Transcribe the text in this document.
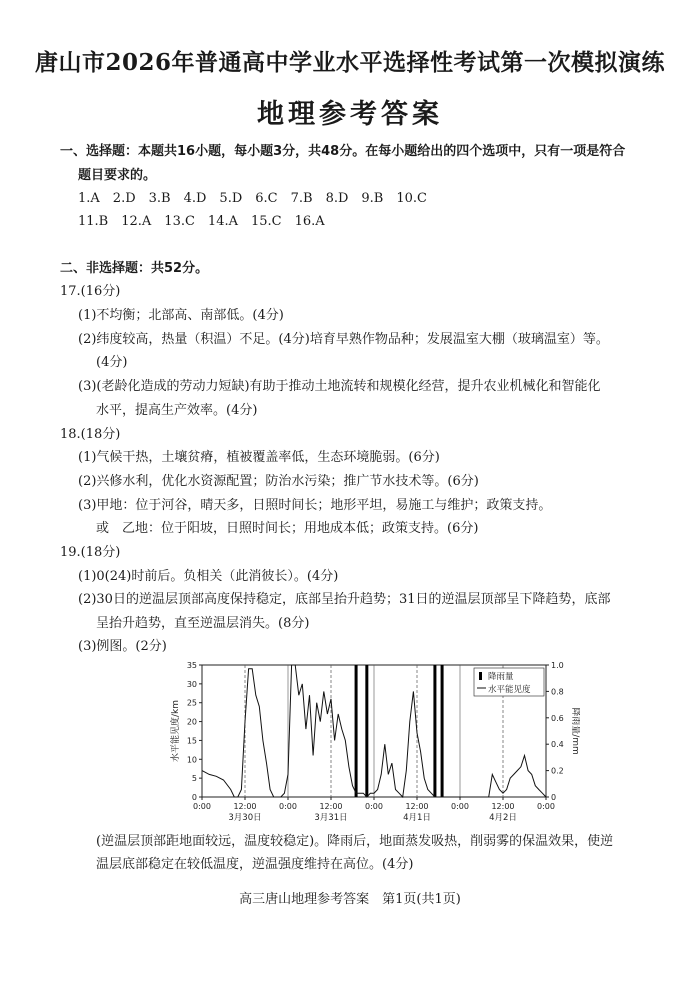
唐山市2026年普通高中学业水平选择性考试第一次模拟演练
地理参考答案
一、选择题：本题共16小题，每小题3分，共48分。在每小题给出的四个选项中，只有一项是符合
题目要求的。
1.A 2.D 3.B 4.D 5.D 6.C 7.B 8.D 9.B 10.C
11.B 12.A 13.C 14.A 15.C 16.A
二、非选择题：共52分。
17.(16分)
(1)不均衡；北部高、南部低。(4分)
(2)纬度较高，热量（积温）不足。(4分)培育早熟作物品种；发展温室大棚（玻璃温室）等。
(4分)
(3)(老龄化造成的劳动力短缺)有助于推动土地流转和规模化经营，提升农业机械化和智能化
水平，提高生产效率。(4分)
18.(18分)
(1)气候干热，土壤贫瘠，植被覆盖率低，生态环境脆弱。(6分)
(2)兴修水利，优化水资源配置；防治水污染；推广节水技术等。(6分)
(3)甲地：位于河谷，晴天多，日照时间长；地形平坦，易施工与维护；政策支持。
或　乙地：位于阳坡，日照时间长；用地成本低；政策支持。(6分)
19.(18分)
(1)0(24)时前后。负相关（此消彼长）。(4分)
(2)30日的逆温层顶部高度保持稳定，底部呈抬升趋势；31日的逆温层顶部呈下降趋势，底部
呈抬升趋势，直至逆温层消失。(8分)
(3)例图。(2分)
0
5
10
15
20
25
30
35
0
0.2
0.4
0.6
0.8
1.0
0:00	12:00	0:00	12:00	0:00	12:00	0:00	12:00	0:00
3月30日	3月31日	4月1日	4月2日
水平能见度/km	降雨量/mm
降雨量
水平能见度
(逆温层顶部距地面较远，温度较稳定)。降雨后，地面蒸发吸热，削弱雾的保温效果，使逆
温层底部稳定在较低温度，逆温强度维持在高位。(4分)
高三唐山地理参考答案　第1页(共1页)
